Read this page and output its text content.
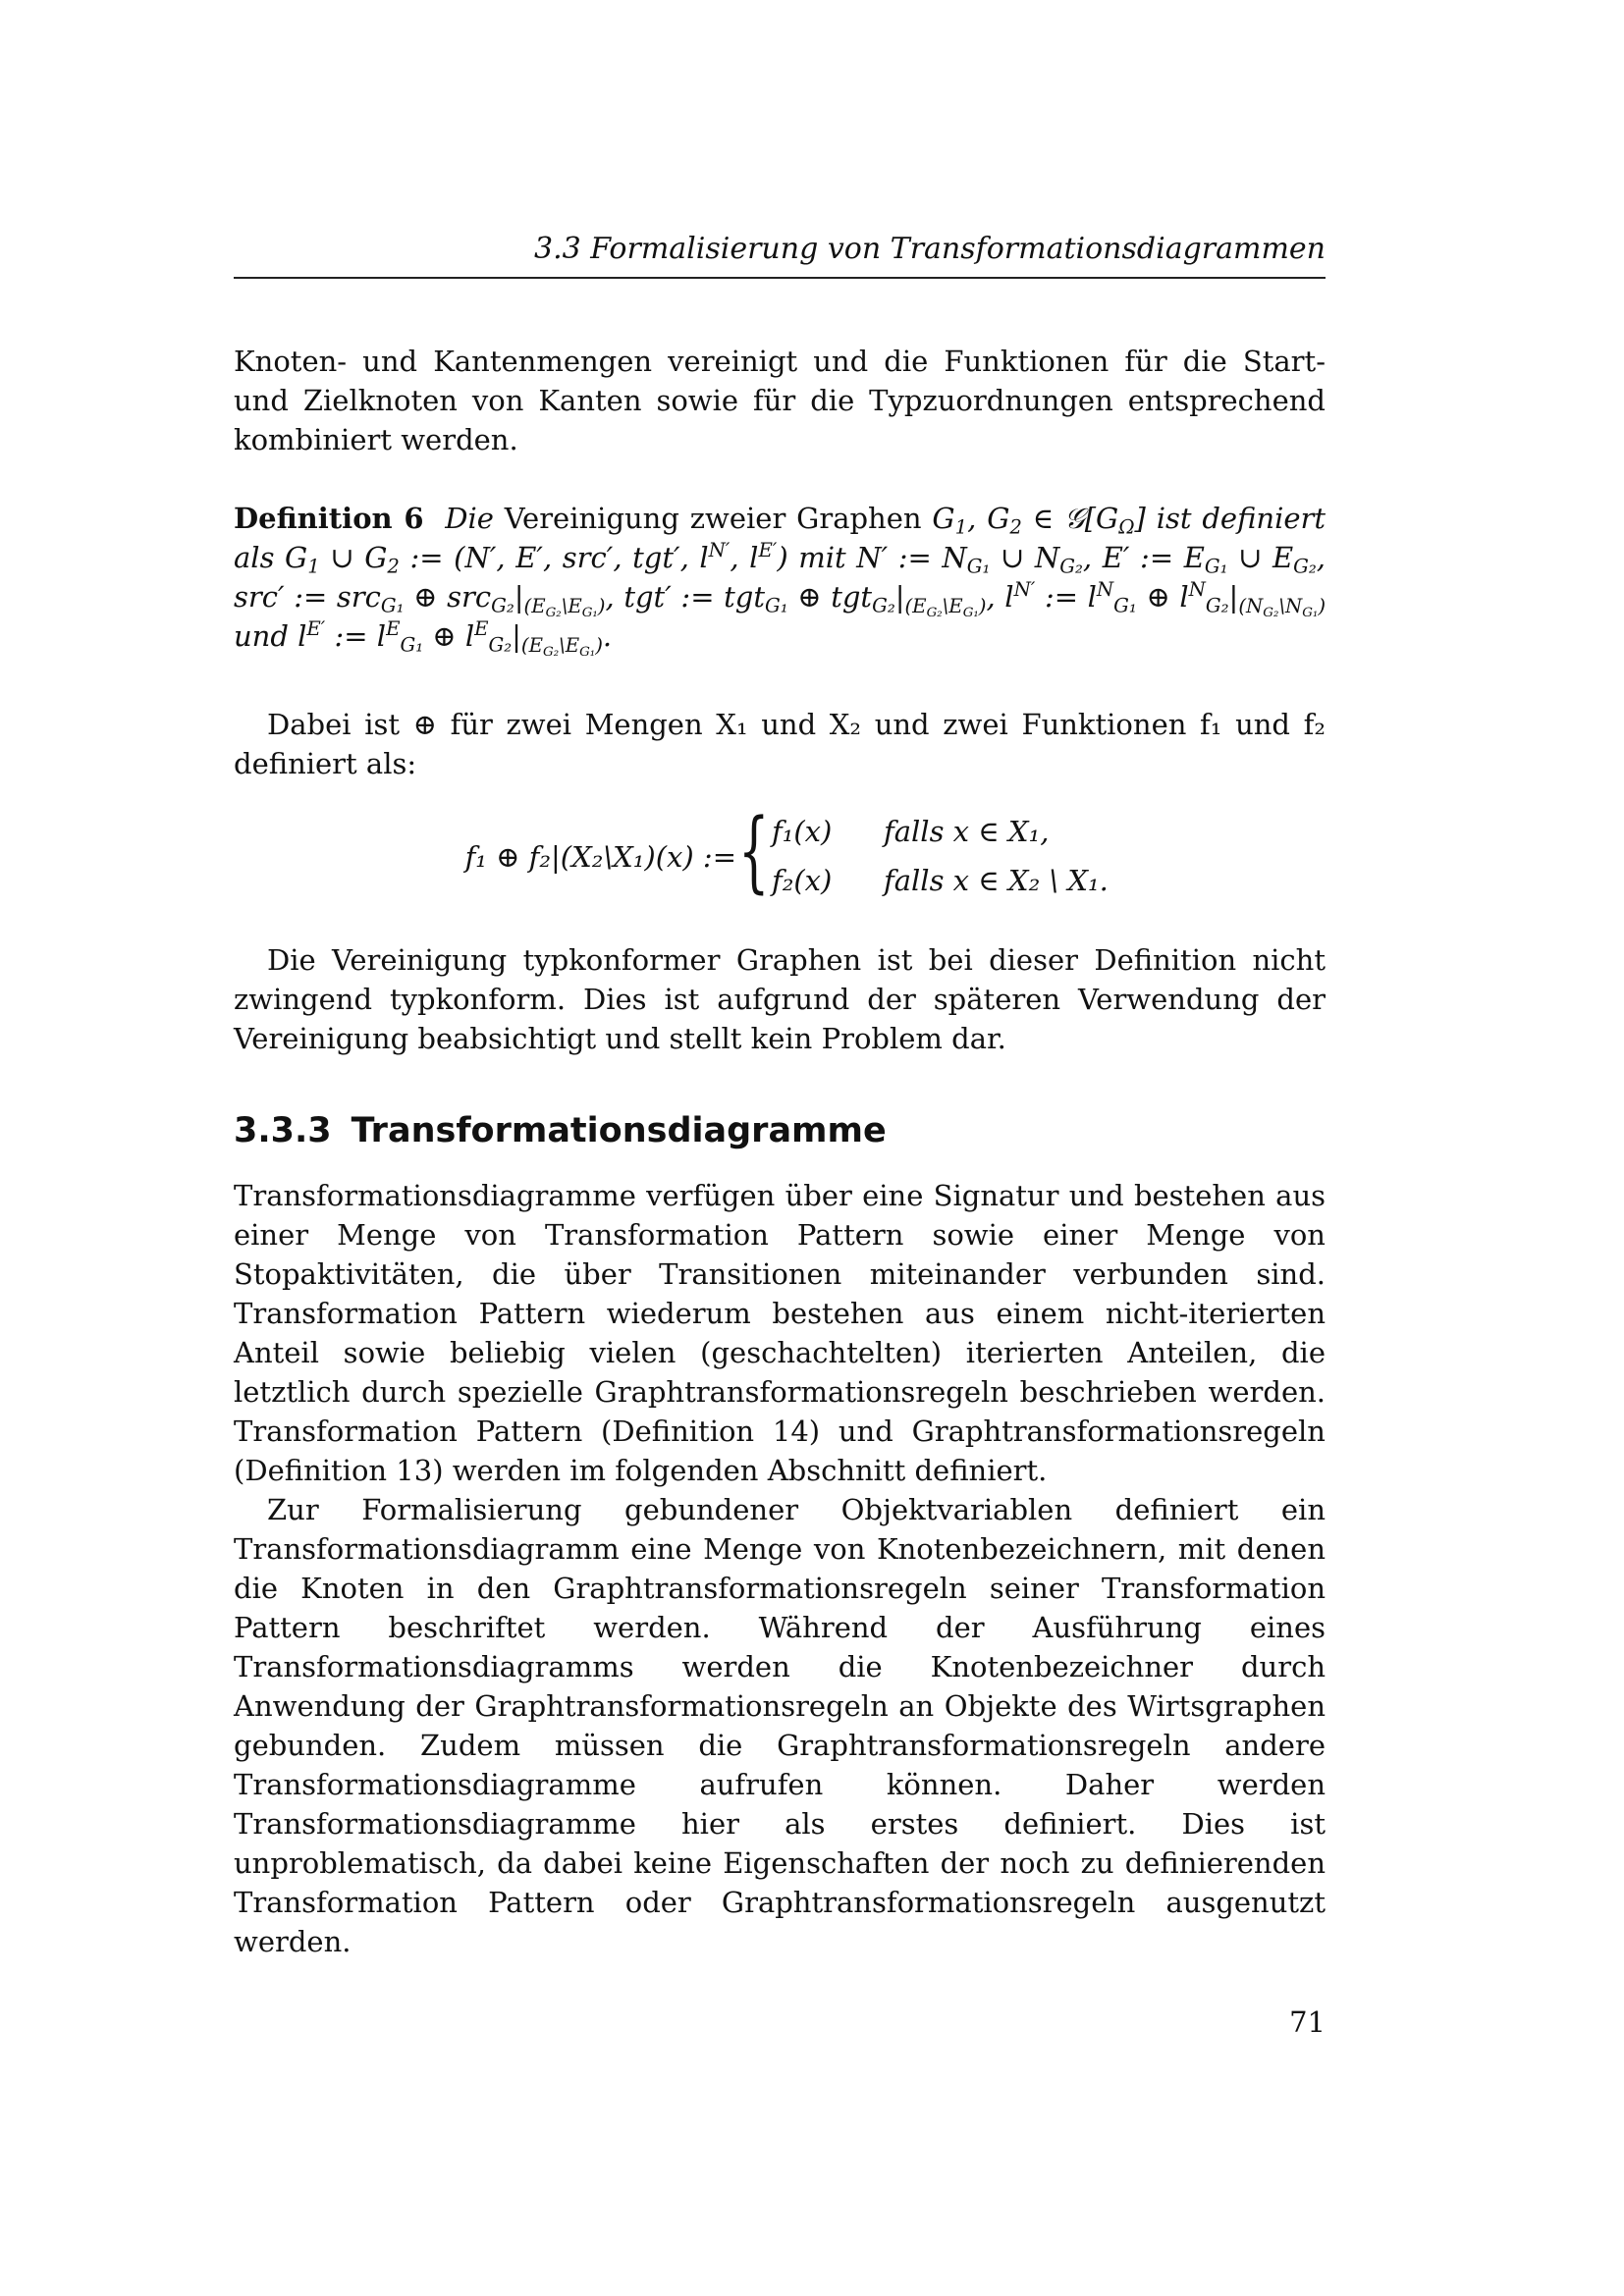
3.3 Formalisierung von Transformationsdiagrammen

Knoten- und Kantenmengen vereinigt und die Funktionen für die Start- und Zielknoten von Kanten sowie für die Typzuordnungen entsprechend kombiniert werden.

Definition 6  Die Vereinigung zweier Graphen $G_1$, $G_2$ ∈ $𝒢[G_\Omega]$ ist definiert als $G_1$ ∪ $G_2$ := (N′, E′, src′, tgt′, $l^{N'}$, $l^{E'}$) mit N′ := $N_{G_1}$ ∪ $N_{G_2}$, E′ := $E_{G_1}$ ∪ $E_{G_2}$, src′ := src$_{G_1}$ ⊕ $src_{G_2}|_{(E_{G_2}\backslash E_{G_1})}$, tgt′ := tgt$_{G_1}$ ⊕ $tgt_{G_2}|_{(E_{G_2}\backslash E_{G_1})}$, $l^{N'}$ := $l^N_{G_1}$ ⊕ $l^N_{G_2}|_{(N_{G_2}\backslash N_{G_1})}$ und $l^{E'}$ := $l^E_{G_1}$ ⊕ $l^E_{G_2}|_{(E_{G_2}\backslash E_{G_1})}$.

Dabei ist ⊕ für zwei Mengen X₁ und X₂ und zwei Funktionen f₁ und f₂ definiert als:

f₁ ⊕ f₂|(X₂\X₁)(x) := { f₁(x) falls x ∈ X₁,
f₂(x) falls x ∈ X₂ \ X₁.

Die Vereinigung typkonformer Graphen ist bei dieser Definition nicht zwingend typkonform. Dies ist aufgrund der späteren Verwendung der Vereinigung beabsichtigt und stellt kein Problem dar.

3.3.3 Transformationsdiagramme

Transformationsdiagramme verfügen über eine Signatur und bestehen aus einer Menge von Transformation Pattern sowie einer Menge von Stopaktivitäten, die über Transitionen miteinander verbunden sind. Transformation Pattern wiederum bestehen aus einem nicht-iterierten Anteil sowie beliebig vielen (geschachtelten) iterierten Anteilen, die letztlich durch spezielle Graphtransformationsregeln beschrieben werden. Transformation Pattern (Definition 14) und Graphtransformationsregeln (Definition 13) werden im folgenden Abschnitt definiert.

Zur Formalisierung gebundener Objektvariablen definiert ein Transformationsdiagramm eine Menge von Knotenbezeichnern, mit denen die Knoten in den Graphtransformationsregeln seiner Transformation Pattern beschriftet werden. Während der Ausführung eines Transformationsdiagramms werden die Knotenbezeichner durch Anwendung der Graphtransformationsregeln an Objekte des Wirtsgraphen gebunden. Zudem müssen die Graphtransformationsregeln andere Transformationsdiagramme aufrufen können. Daher werden Transformationsdiagramme hier als erstes definiert. Dies ist unproblematisch, da dabei keine Eigenschaften der noch zu definierenden Transformation Pattern oder Graphtransformationsregeln ausgenutzt werden.

71
